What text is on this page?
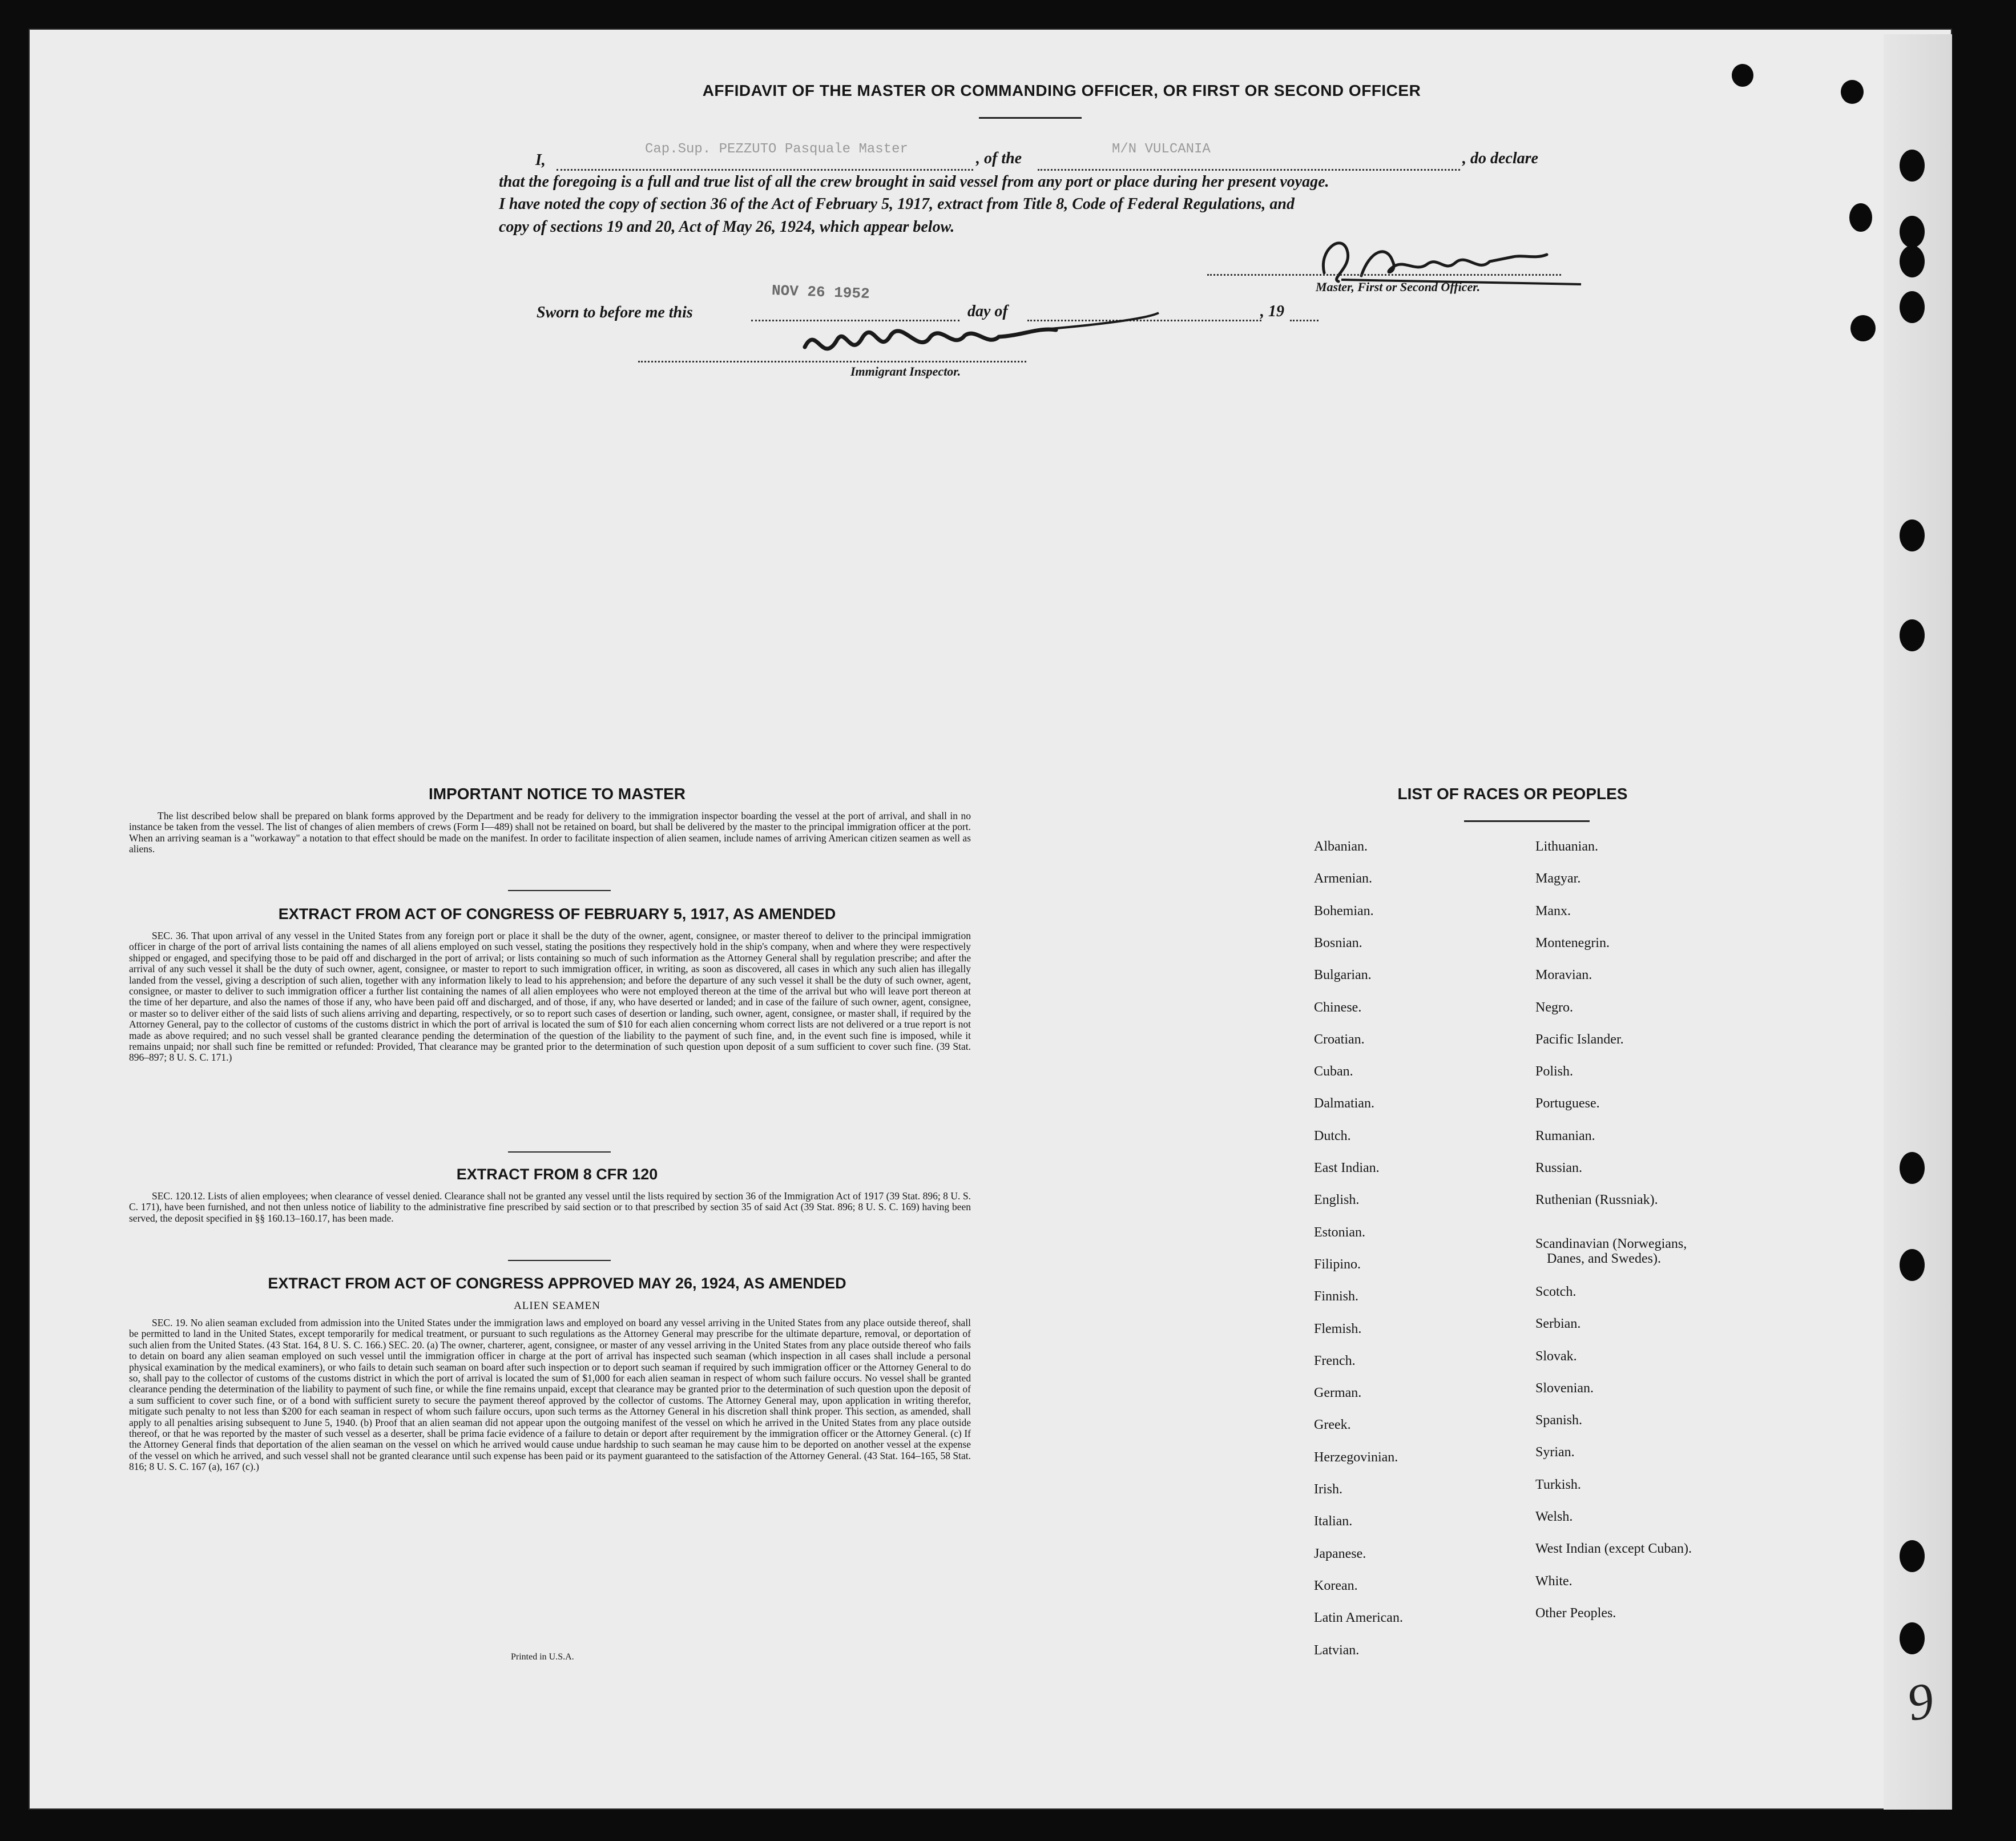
AFFIDAVIT OF THE MASTER OR COMMANDING OFFICER, OR FIRST OR SECOND OFFICER
I,
Cap.Sup. PEZZUTO Pasquale Master
, of the
M/N VULCANIA
, do declare
that the foregoing is a full and true list of all the crew brought in said vessel from any port or place during her present voyage.
I have noted the copy of section 36 of the Act of February 5, 1917, extract from Title 8, Code of Federal Regulations, and
copy of sections 19 and 20, Act of May 26, 1924, which appear below.
Master, First or Second Officer.
Sworn to before me this
NOV 26 1952
day of	, 19
Immigrant Inspector.
IMPORTANT NOTICE TO MASTER
The list described below shall be prepared on blank forms approved by the Department and be ready for delivery to the immigration inspector boarding the vessel at the port of arrival, and shall in no instance be taken from the vessel. The list of changes of alien members of crews (Form I—489) shall not be retained on board, but shall be delivered by the master to the principal immigration officer at the port. When an arriving seaman is a "workaway" a notation to that effect should be made on the manifest. In order to facilitate inspection of alien seamen, include names of arriving American citizen seamen as well as aliens.
EXTRACT FROM ACT OF CONGRESS OF FEBRUARY 5, 1917, AS AMENDED
SEC. 36. That upon arrival of any vessel in the United States from any foreign port or place it shall be the duty of the owner, agent, consignee, or master thereof to deliver to the principal immigration officer in charge of the port of arrival lists containing the names of all aliens employed on such vessel, stating the positions they respectively hold in the ship's company, when and where they were respectively shipped or engaged, and specifying those to be paid off and discharged in the port of arrival; or lists containing so much of such information as the Attorney General shall by regulation prescribe; and after the arrival of any such vessel it shall be the duty of such owner, agent, consignee, or master to report to such immigration officer, in writing, as soon as discovered, all cases in which any such alien has illegally landed from the vessel, giving a description of such alien, together with any information likely to lead to his apprehension; and before the departure of any such vessel it shall be the duty of such owner, agent, consignee, or master to deliver to such immigration officer a further list containing the names of all alien employees who were not employed thereon at the time of the arrival but who will leave port thereon at the time of her departure, and also the names of those if any, who have been paid off and discharged, and of those, if any, who have deserted or landed; and in case of the failure of such owner, agent, consignee, or master so to deliver either of the said lists of such aliens arriving and departing, respectively, or so to report such cases of desertion or landing, such owner, agent, consignee, or master shall, if required by the Attorney General, pay to the collector of customs of the customs district in which the port of arrival is located the sum of $10 for each alien concerning whom correct lists are not delivered or a true report is not made as above required; and no such vessel shall be granted clearance pending the determination of the question of the liability to the payment of such fine, and, in the event such fine is imposed, while it remains unpaid; nor shall such fine be remitted or refunded: Provided, That clearance may be granted prior to the determination of such question upon deposit of a sum sufficient to cover such fine. (39 Stat. 896–897; 8 U. S. C. 171.)
EXTRACT FROM 8 CFR 120
SEC. 120.12. Lists of alien employees; when clearance of vessel denied. Clearance shall not be granted any vessel until the lists required by section 36 of the Immigration Act of 1917 (39 Stat. 896; 8 U. S. C. 171), have been furnished, and not then unless notice of liability to the administrative fine prescribed by said section or to that prescribed by section 35 of said Act (39 Stat. 896; 8 U. S. C. 169) having been served, the deposit specified in §§ 160.13–160.17, has been made.
EXTRACT FROM ACT OF CONGRESS APPROVED MAY 26, 1924, AS AMENDED
ALIEN SEAMEN
SEC. 19. No alien seaman excluded from admission into the United States under the immigration laws and employed on board any vessel arriving in the United States from any place outside thereof, shall be permitted to land in the United States, except temporarily for medical treatment, or pursuant to such regulations as the Attorney General may prescribe for the ultimate departure, removal, or deportation of such alien from the United States. (43 Stat. 164, 8 U. S. C. 166.) SEC. 20. (a) The owner, charterer, agent, consignee, or master of any vessel arriving in the United States from any place outside thereof who fails to detain on board any alien seaman employed on such vessel until the immigration officer in charge at the port of arrival has inspected such seaman (which inspection in all cases shall include a personal physical examination by the medical examiners), or who fails to detain such seaman on board after such inspection or to deport such seaman if required by such immigration officer or the Attorney General to do so, shall pay to the collector of customs of the customs district in which the port of arrival is located the sum of $1,000 for each alien seaman in respect of whom such failure occurs. No vessel shall be granted clearance pending the determination of the liability to payment of such fine, or while the fine remains unpaid, except that clearance may be granted prior to the determination of such question upon the deposit of a sum sufficient to cover such fine, or of a bond with sufficient surety to secure the payment thereof approved by the collector of customs. The Attorney General may, upon application in writing therefor, mitigate such penalty to not less than $200 for each seaman in respect of whom such failure occurs, upon such terms as the Attorney General in his discretion shall think proper. This section, as amended, shall apply to all penalties arising subsequent to June 5, 1940. (b) Proof that an alien seaman did not appear upon the outgoing manifest of the vessel on which he arrived in the United States from any place outside thereof, or that he was reported by the master of such vessel as a deserter, shall be prima facie evidence of a failure to detain or deport after requirement by the immigration officer or the Attorney General. (c) If the Attorney General finds that deportation of the alien seaman on the vessel on which he arrived would cause undue hardship to such seaman he may cause him to be deported on another vessel at the expense of the vessel on which he arrived, and such vessel shall not be granted clearance until such expense has been paid or its payment guaranteed to the satisfaction of the Attorney General. (43 Stat. 164–165, 58 Stat. 816; 8 U. S. C. 167 (a), 167 (c).)
Printed in U.S.A.
LIST OF RACES OR PEOPLES
9
Albanian.
Armenian.
Bohemian.
Bosnian.
Bulgarian.
Chinese.
Croatian.
Cuban.
Dalmatian.
Dutch.
East Indian.
English.
Estonian.
Filipino.
Finnish.
Flemish.
French.
German.
Greek.
Herzegovinian.
Irish.
Italian.
Japanese.
Korean.
Latin American.
Latvian.
Lithuanian.
Magyar.
Manx.
Montenegrin.
Moravian.
Negro.
Pacific Islander.
Polish.
Portuguese.
Rumanian.
Russian.
Ruthenian (Russniak).
Scandinavian (Norwegians,
Danes, and Swedes).
Scotch.
Serbian.
Slovak.
Slovenian.
Spanish.
Syrian.
Turkish.
Welsh.
West Indian (except Cuban).
White.
Other Peoples.
